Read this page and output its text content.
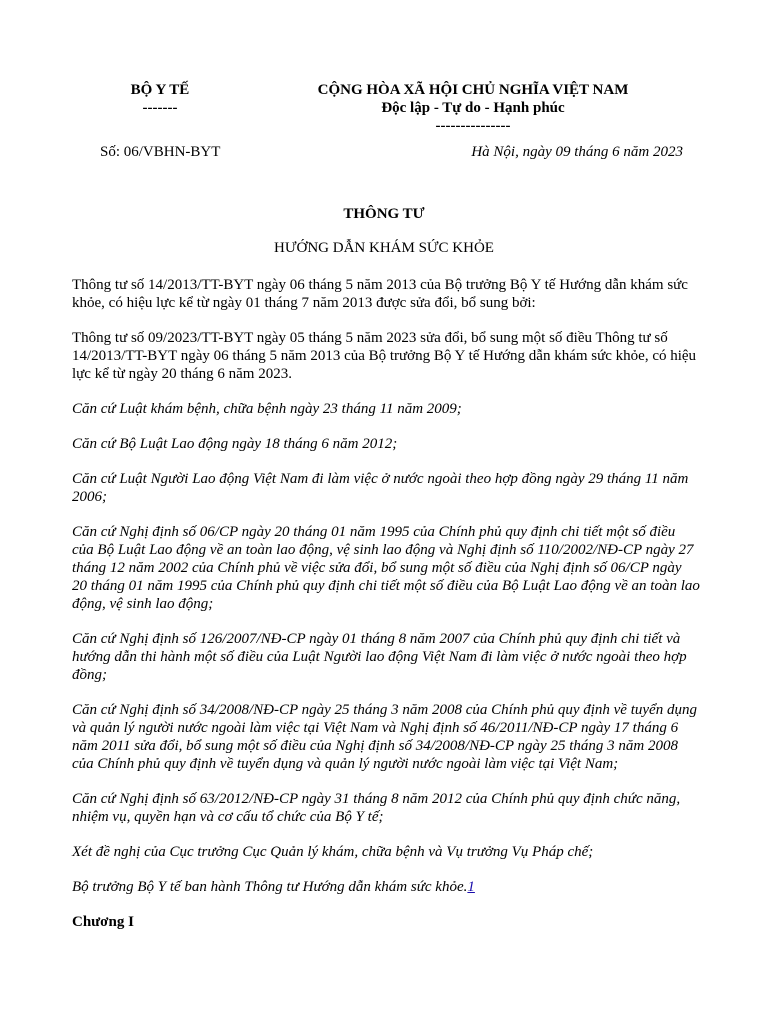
BỘ Y TẾ
-------
CỘNG HÒA XÃ HỘI CHỦ NGHĨA VIỆT NAM
Độc lập - Tự do - Hạnh phúc
---------------
Số: 06/VBHN-BYT	Hà Nội, ngày 09 tháng 6 năm 2023
THÔNG TƯ
HƯỚNG DẪN KHÁM SỨC KHỎE

Thông tư số 14/2013/TT-BYT ngày 06 tháng 5 năm 2013 của Bộ trưởng Bộ Y tế Hướng dẫn khám sức khỏe, có hiệu lực kể từ ngày 01 tháng 7 năm 2013 được sửa đổi, bổ sung bởi:

Thông tư số 09/2023/TT-BYT ngày 05 tháng 5 năm 2023 sửa đổi, bổ sung một số điều Thông tư số 14/2013/TT-BYT ngày 06 tháng 5 năm 2013 của Bộ trưởng Bộ Y tế Hướng dẫn khám sức khỏe, có hiệu lực kể từ ngày 20 tháng 6 năm 2023.

Căn cứ Luật khám bệnh, chữa bệnh ngày 23 tháng 11 năm 2009;

Căn cứ Bộ Luật Lao động ngày 18 tháng 6 năm 2012;

Căn cứ Luật Người Lao động Việt Nam đi làm việc ở nước ngoài theo hợp đồng ngày 29 tháng 11 năm 2006;

Căn cứ Nghị định số 06/CP ngày 20 tháng 01 năm 1995 của Chính phủ quy định chi tiết một số điều của Bộ Luật Lao động về an toàn lao động, vệ sinh lao động và Nghị định số 110/2002/NĐ-CP ngày 27 tháng 12 năm 2002 của Chính phủ về việc sửa đổi, bổ sung một số điều của Nghị định số 06/CP ngày 20 tháng 01 năm 1995 của Chính phủ quy định chi tiết một số điều của Bộ Luật Lao động về an toàn lao động, vệ sinh lao động;

Căn cứ Nghị định số 126/2007/NĐ-CP ngày 01 tháng 8 năm 2007 của Chính phủ quy định chi tiết và hướng dẫn thi hành một số điều của Luật Người lao động Việt Nam đi làm việc ở nước ngoài theo hợp đồng;

Căn cứ Nghị định số 34/2008/NĐ-CP ngày 25 tháng 3 năm 2008 của Chính phủ quy định về tuyển dụng và quản lý người nước ngoài làm việc tại Việt Nam và Nghị định số 46/2011/NĐ-CP ngày 17 tháng 6 năm 2011 sửa đổi, bổ sung một số điều của Nghị định số 34/2008/NĐ-CP ngày 25 tháng 3 năm 2008 của Chính phủ quy định về tuyển dụng và quản lý người nước ngoài làm việc tại Việt Nam;

Căn cứ Nghị định số 63/2012/NĐ-CP ngày 31 tháng 8 năm 2012 của Chính phủ quy định chức năng, nhiệm vụ, quyền hạn và cơ cấu tổ chức của Bộ Y tế;

Xét đề nghị của Cục trưởng Cục Quản lý khám, chữa bệnh và Vụ trưởng Vụ Pháp chế;

Bộ trưởng Bộ Y tế ban hành Thông tư Hướng dẫn khám sức khỏe.1

Chương I
